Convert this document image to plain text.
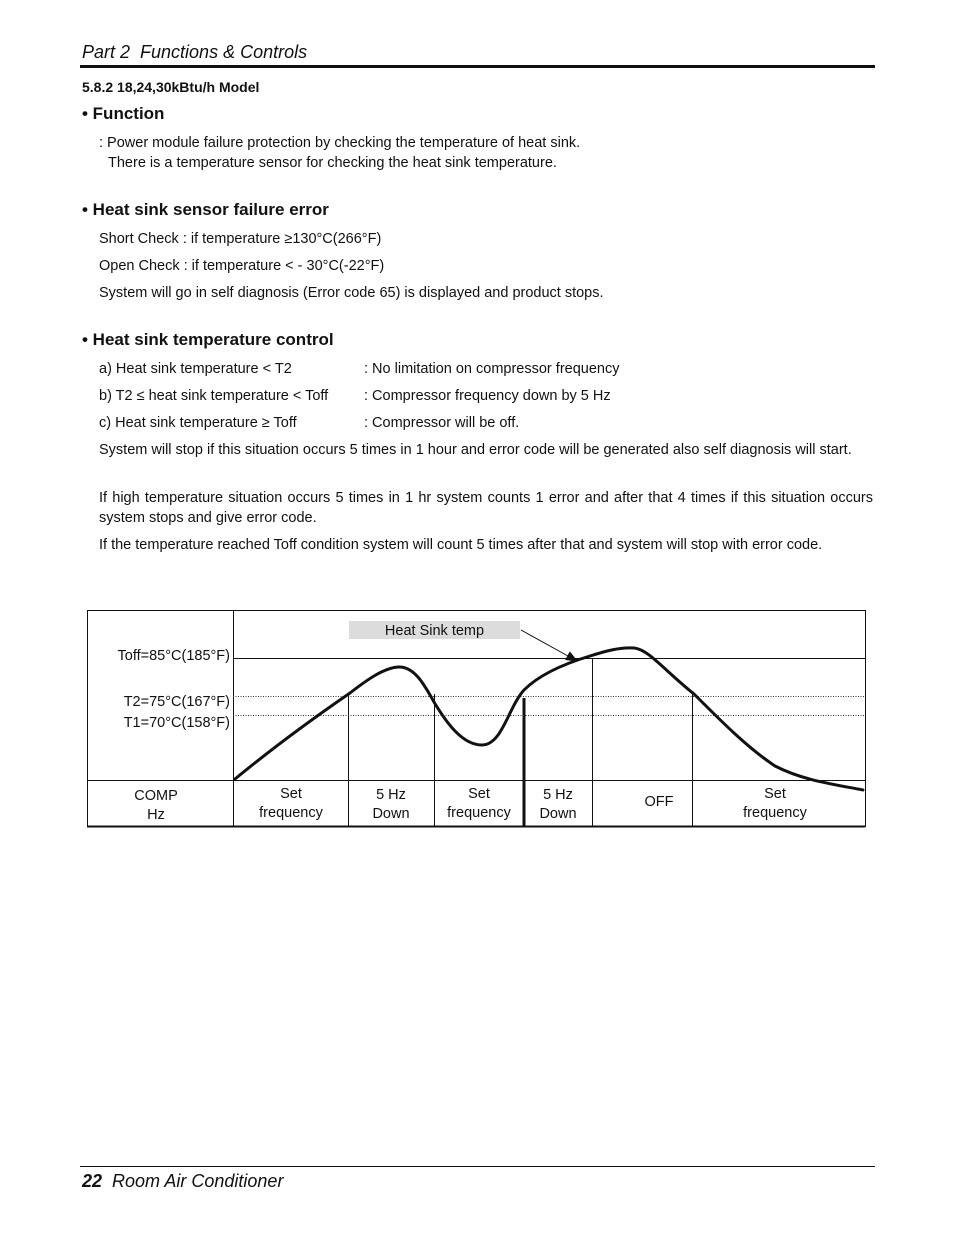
Part 2 Functions & Controls
5.8.2 18,24,30kBtu/h Model
• Function
: Power module failure protection by checking the temperature of heat sink.
There is a temperature sensor for checking the heat sink temperature.
• Heat sink sensor failure error
Short Check : if temperature ≥130°C(266°F)
Open Check : if temperature < - 30°C(-22°F)
System will go in self diagnosis (Error code 65) is displayed and product stops.
• Heat sink temperature control
a) Heat sink temperature < T2	: No limitation on compressor frequency
b) T2 ≤ heat sink temperature < Toff : Compressor frequency down by 5 Hz
c) Heat sink temperature ≥ Toff	: Compressor will be off.
System will stop if this situation occurs 5 times in 1 hour and error code will be generated also self diagnosis will start.
If high temperature situation occurs 5 times in 1 hr system counts 1 error and after that 4 times if this situation occurs system stops and give error code.
If the temperature reached Toff condition system will count 5 times after that and system will stop with error code.
Heat Sink temp
Toff=85°C(185°F)
T2=75°C(167°F)
T1=70°C(158°F)
COMP
Hz
Set
frequency
5 Hz
Down
Set
frequency
5 Hz
Down
OFF	Set
frequency
22 Room Air Conditioner
